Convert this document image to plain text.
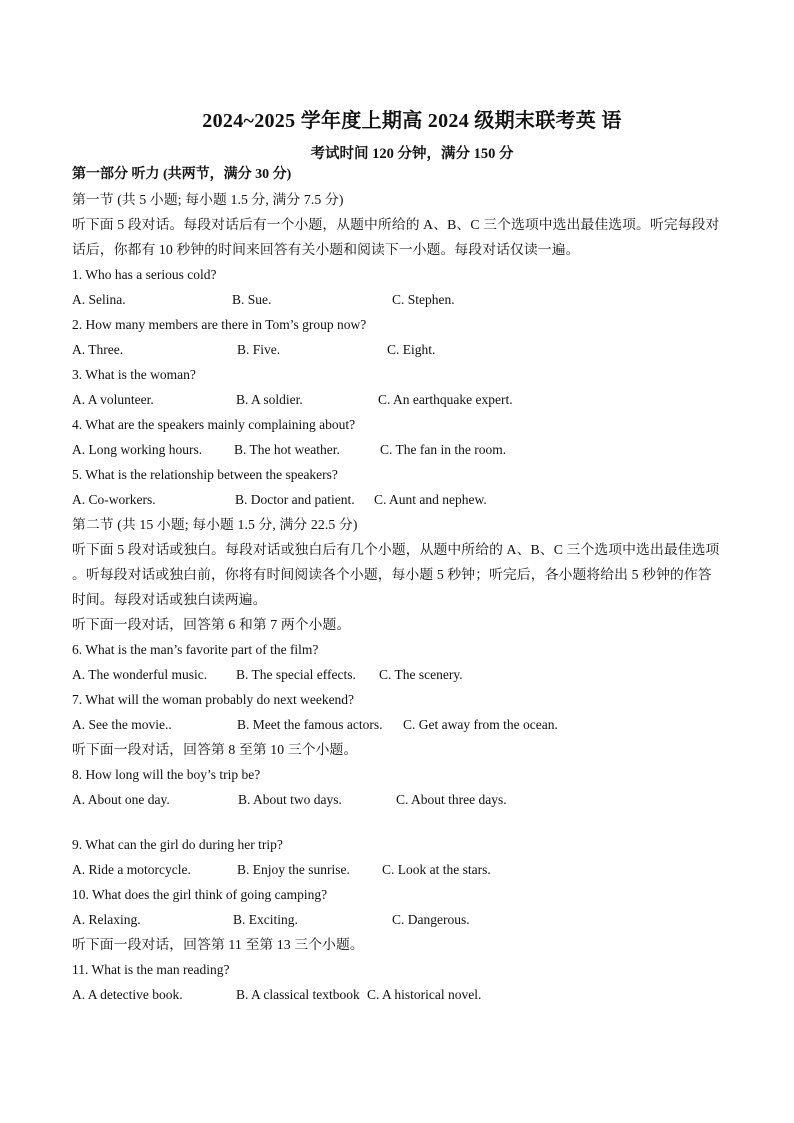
2024~2025 学年度上期高 2024 级期末联考英 语
考试时间 120 分钟，满分 150 分
第一部分 听力 (共两节，满分 30 分)
第一节 (共 5 小题; 每小题 1.5 分, 满分 7.5 分)
听下面 5 段对话。每段对话后有一个小题，从题中所给的 A、B、C 三个选项中选出最佳选项。听完每段对
话后，你都有 10 秒钟的时间来回答有关小题和阅读下一小题。每段对话仅读一遍。
1. Who has a serious cold?
A. Selina.	B. Sue.	C. Stephen.
2. How many members are there in Tom’s group now?
A. Three.	B. Five.	C. Eight.
3. What is the woman?
A. A volunteer.	B. A soldier.	C. An earthquake expert.
4. What are the speakers mainly complaining about?
A. Long working hours. B. The hot weather.	C. The fan in the room.
5. What is the relationship between the speakers?
A. Co-workers.	B. Doctor and patient. C. Aunt and nephew.
第二节 (共 15 小题; 每小题 1.5 分, 满分 22.5 分)
听下面 5 段对话或独白。每段对话或独白后有几个小题，从题中所给的 A、B、C 三个选项中选出最佳选项
。听每段对话或独白前，你将有时间阅读各个小题，每小题 5 秒钟；听完后，各小题将给出 5 秒钟的作答
时间。每段对话或独白读两遍。
听下面一段对话，回答第 6 和第 7 两个小题。
6. What is the man’s favorite part of the film?
A. The wonderful music. B. The special effects. C. The scenery.
7. What will the woman probably do next weekend?
A. See the movie..	B. Meet the famous actors. C. Get away from the ocean.
听下面一段对话，回答第 8 至第 10 三个小题。
8. How long will the boy’s trip be?
A. About one day.	B. About two days.	C. About three days.
9. What can the girl do during her trip?
A. Ride a motorcycle.	B. Enjoy the sunrise. C. Look at the stars.
10. What does the girl think of going camping?
A. Relaxing.	B. Exciting.	C. Dangerous.
听下面一段对话，回答第 11 至第 13 三个小题。
11. What is the man reading?
A. A detective book.	B. A classical textbook C. A historical novel.
